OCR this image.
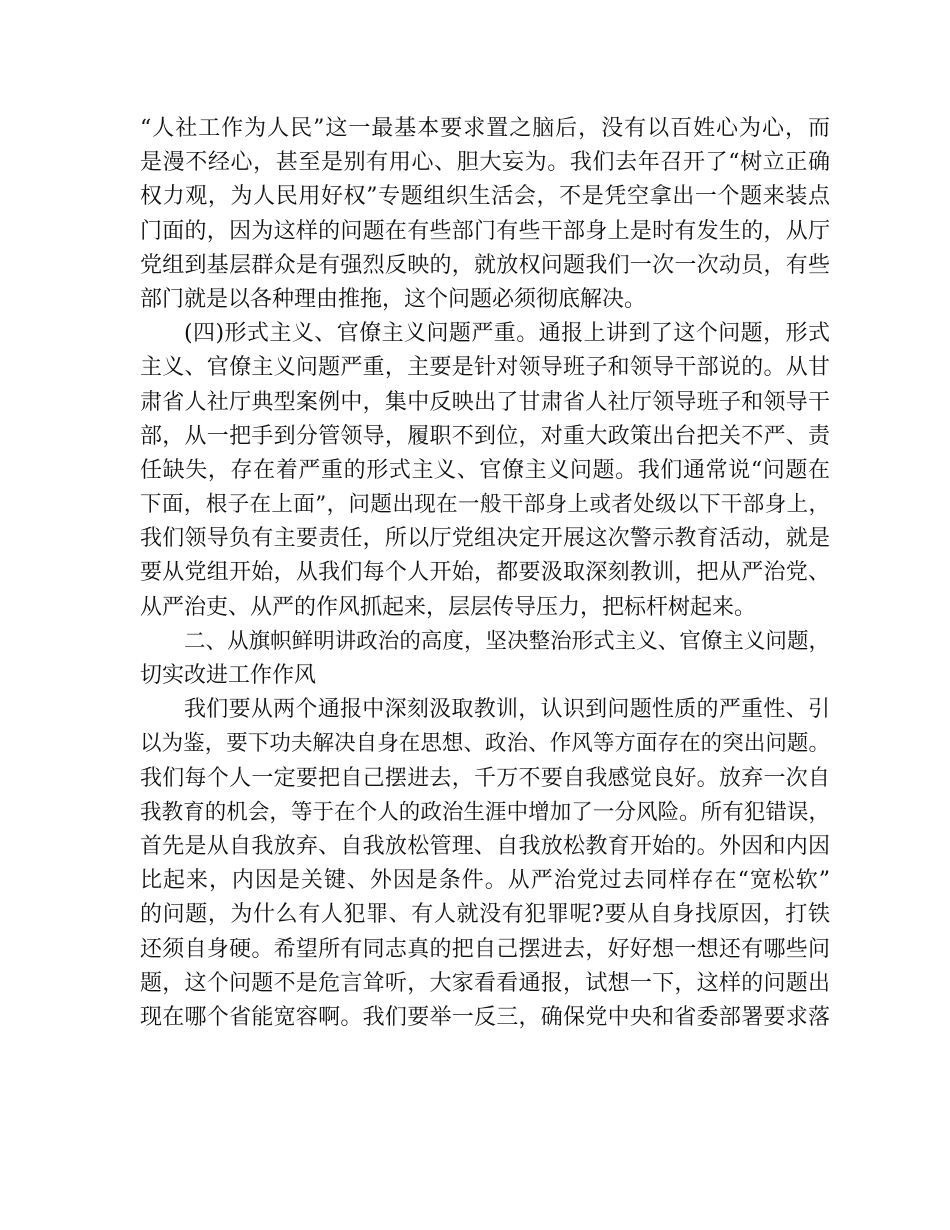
“人社工作为人民”这一最基本要求置之脑后，没有以百姓心为心，而
是漫不经心，甚至是别有用心、胆大妄为。我们去年召开了“树立正确
权力观，为人民用好权”专题组织生活会，不是凭空拿出一个题来装点
门面的，因为这样的问题在有些部门有些干部身上是时有发生的，从厅
党组到基层群众是有强烈反映的，就放权问题我们一次一次动员，有些
部门就是以各种理由推拖，这个问题必须彻底解决。
(四)形式主义、官僚主义问题严重。通报上讲到了这个问题，形式
主义、官僚主义问题严重，主要是针对领导班子和领导干部说的。从甘
肃省人社厅典型案例中，集中反映出了甘肃省人社厅领导班子和领导干
部，从一把手到分管领导，履职不到位，对重大政策出台把关不严、责
任缺失，存在着严重的形式主义、官僚主义问题。我们通常说“问题在
下面，根子在上面”，问题出现在一般干部身上或者处级以下干部身上，
我们领导负有主要责任，所以厅党组决定开展这次警示教育活动，就是
要从党组开始，从我们每个人开始，都要汲取深刻教训，把从严治党、
从严治吏、从严的作风抓起来，层层传导压力，把标杆树起来。
二、从旗帜鲜明讲政治的高度，坚决整治形式主义、官僚主义问题，
切实改进工作作风
我们要从两个通报中深刻汲取教训，认识到问题性质的严重性、引
以为鉴，要下功夫解决自身在思想、政治、作风等方面存在的突出问题。
我们每个人一定要把自己摆进去，千万不要自我感觉良好。放弃一次自
我教育的机会，等于在个人的政治生涯中增加了一分风险。所有犯错误，
首先是从自我放弃、自我放松管理、自我放松教育开始的。外因和内因
比起来，内因是关键、外因是条件。从严治党过去同样存在“宽松软”
的问题，为什么有人犯罪、有人就没有犯罪呢?要从自身找原因，打铁
还须自身硬。希望所有同志真的把自己摆进去，好好想一想还有哪些问
题，这个问题不是危言耸听，大家看看通报，试想一下，这样的问题出
现在哪个省能宽容啊。我们要举一反三，确保党中央和省委部署要求落
